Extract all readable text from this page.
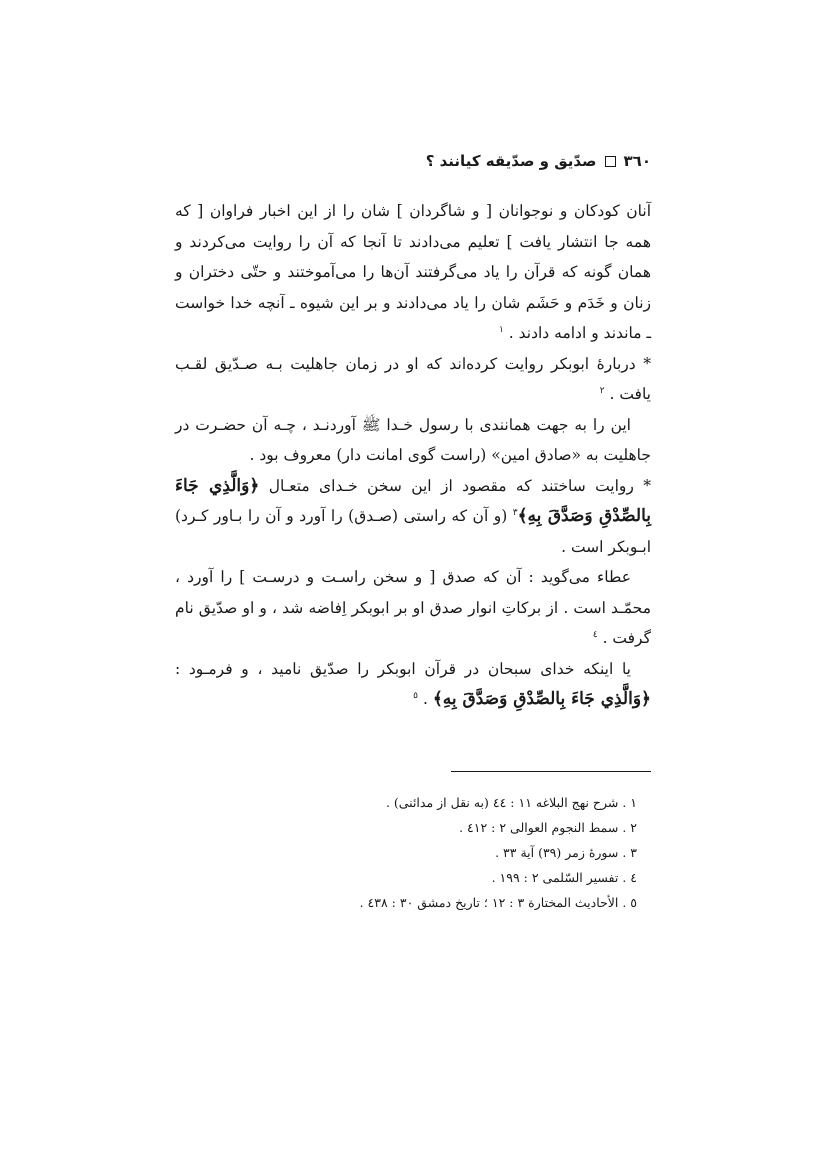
٣٦٠
صدّيق و صدّيقه كيانند ؟

آنان كودكان و نوجوانان [ و شاگردان ] شان را از اين اخبار فراوان [ كه همه جا انتشار يافت ] تعليم مى‌دادند تا آنجا كه آن را روايت مى‌كردند و همان گونه كه قرآن را ياد مى‌گرفتند آن‌ها را مى‌آموختند و حتّى دختران و زنان و خَدَم و حَشَم شان را ياد مى‌دادند و بر اين شيوه ـ آنچه خدا خواست ـ ماندند و ادامه دادند . $^١$

* دربارهٔ ابوبكر روايت كرده‌اند كه او در زمان جاهليت بـه صـدّيق لقـب يافت . $^٢$

اين را به جهت همانندى با رسول خـدا ﷺ آوردنـد ، چـه آن حضـرت در جاهليت به «صادق امين» (راست گوى امانت دار) معروف بود .

* روايت ساختند كه مقصود از اين سخن خـداى متعـال ﴿وَالَّذِي جَاءَ بِالصِّدْقِ وَصَدَّقَ بِهِ﴾$^٣$ (و آن كه راستى (صـدق) را آورد و آن را بـاور كـرد) ابـوبكر است .

عطاء مى‌گويد : آن كه صدق [ و سخن راسـت و درسـت ] را آورد ، محمّـد است . از بركاتِ انوار صدق او بر ابوبكر اِفاضه شد ، و او صدّيق نام گرفت . $^٤$

يا اينكه خداى سبحان در قرآن ابوبكر را صدّيق ناميد ، و فرمـود : ﴿وَالَّذِي جَاءَ بِالصِّدْقِ وَصَدَّقَ بِهِ﴾ . $^٥$

١ . شرح نهج البلاغه ١١ : ٤٤ (به نقل از مدائنى) .

٢ . سمط النجوم العوالى ٢ : ٤١٢ .

٣ . سورهٔ زمر (٣٩) آية ٣٣ .

٤ . تفسير السّلمى ٢ : ١٩٩ .

٥ . الأحاديث المختارة ٣ : ١٢ ؛ تاريخ دمشق ٣٠ : ٤٣٨ .
